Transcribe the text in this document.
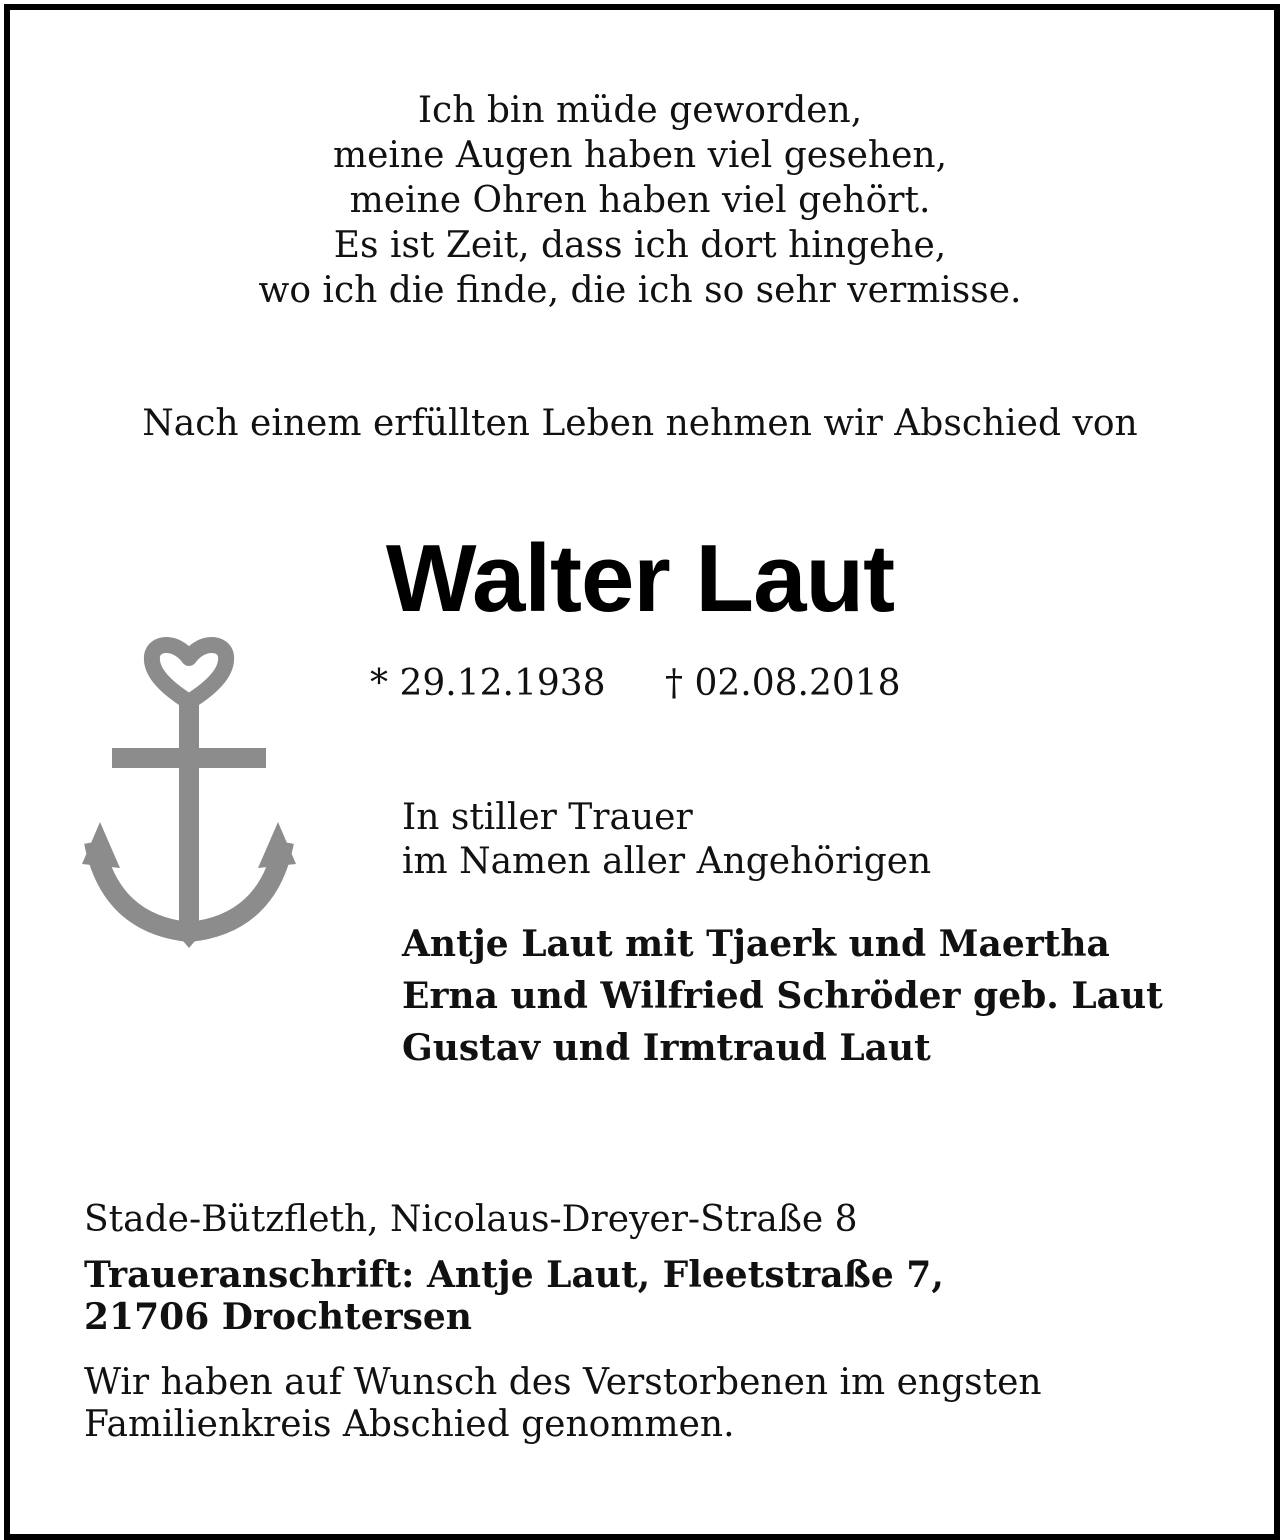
Ich bin müde geworden,
meine Augen haben viel gesehen,
meine Ohren haben viel gehört.
Es ist Zeit, dass ich dort hingehe,
wo ich die finde, die ich so sehr vermisse.
Nach einem erfüllten Leben nehmen wir Abschied von
Walter Laut
* 29.12.1938 † 02.08.2018
In stiller Trauer
im Namen aller Angehörigen
Antje Laut mit Tjaerk und Maertha
Erna und Wilfried Schröder geb. Laut
Gustav und Irmtraud Laut
Stade-Bützfleth, Nicolaus-Dreyer-Straße 8
Traueranschrift: Antje Laut, Fleetstraße 7,
21706 Drochtersen
Wir haben auf Wunsch des Verstorbenen im engsten
Familienkreis Abschied genommen.
